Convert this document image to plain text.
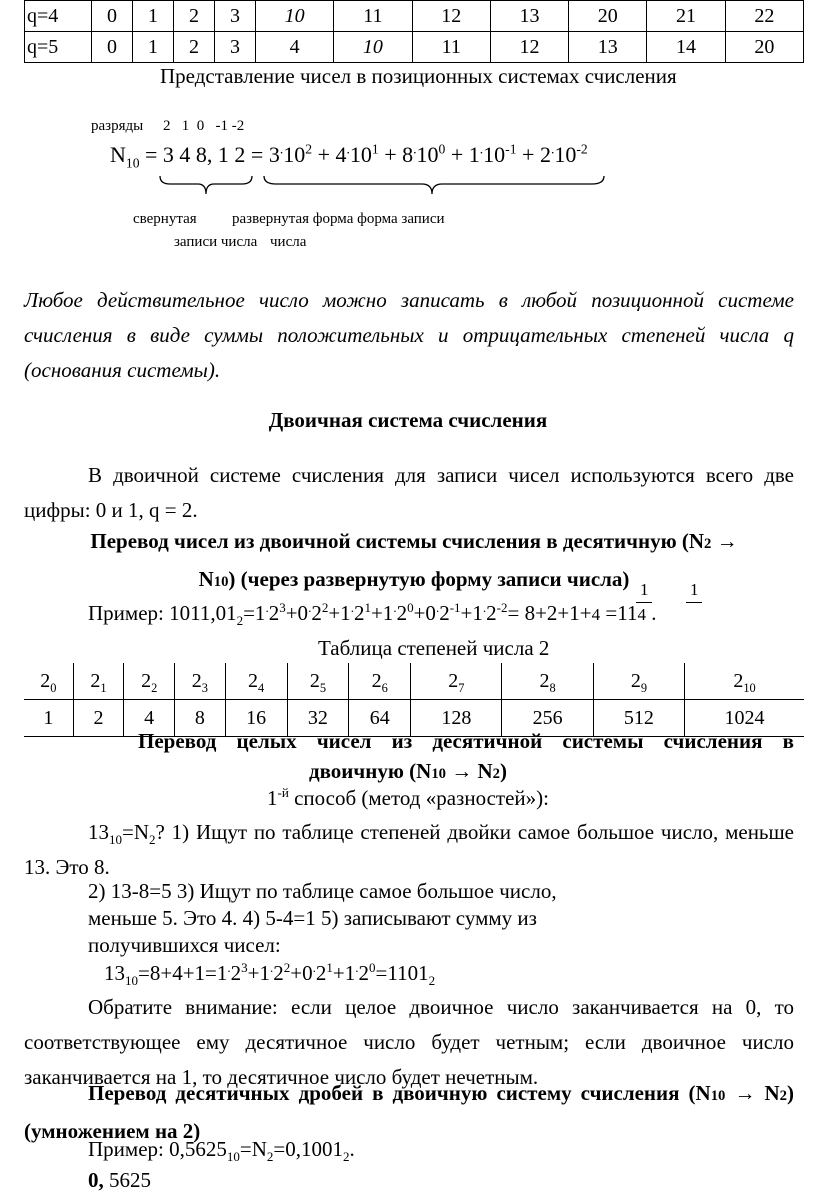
q=4	0	1	2	3	10	11	12	13	20	21	22
q=5	0	1	2	3	4	10	11	12	13	14	20
Представление чисел в позиционных системах счисления
разряды 2   1  0   -1 -2
$N_{10} = 3$ 4 8, 1 $2 = 3^.10^2 + 4^.10^1 + 8^.10^0 + 1^.10^{-1} + 2^.10^{-2}$
свернутая развернутая форма форма записи
записи числа числа
Любое действительное число можно записать в любой позиционной системе счисления в виде суммы положительных и отрицательных степеней числа q (основания системы).
Двоичная система счисления
В двоичной системе счисления для записи чисел используются всего две цифры: 0 и 1, q = 2.
Перевод чисел из двоичной системы счисления в десятичную (N2 →
N10) (через развернутую форму записи числа) 1 1
Пример: $1011,01_2=1^.2^3+0^.2^2+1^.2^1+1^.2^0+0^.2^{-1}+1^.2^{-2}= 8+2+1+4 =114$ .
Таблица степеней числа 2
$2_0$	$2_1$	$2_2$	$2_3$	$2_4$	$2_5$	$2_6$	$2_7$	$2_8$	$2_9$	$2_{10}$
1	2	4	8	16	32	64	128	256	512	1024
Перевод целых чисел из десятичной системы счисления в
двоичную (N10 → N2)
$1^{-й}$ способ (метод «разностей»):
$13_{10}=N_2$? 1) Ищут по таблице степеней двойки самое большое число, меньше 13. Это 8.
2) 13-8=5 3) Ищут по таблице самое большое число,
меньше 5. Это 4. 4) 5-4=1 5) записывают сумму из
получившихся чисел:
$13_{10}=8+4+1=1^.2^3+1^.2^2+0^.2^1+1^.2^0=1101_2$
Обратите внимание: если целое двоичное число заканчивается на 0, то соответствующее ему десятичное число будет четным; если двоичное число заканчивается на 1, то десятичное число будет нечетным.
Перевод десятичных дробей в двоичную систему счисления (N10 → N2) (умножением на 2)
Пример: $0,5625_{10}=N_2=0,1001_2$.
0, 5625
